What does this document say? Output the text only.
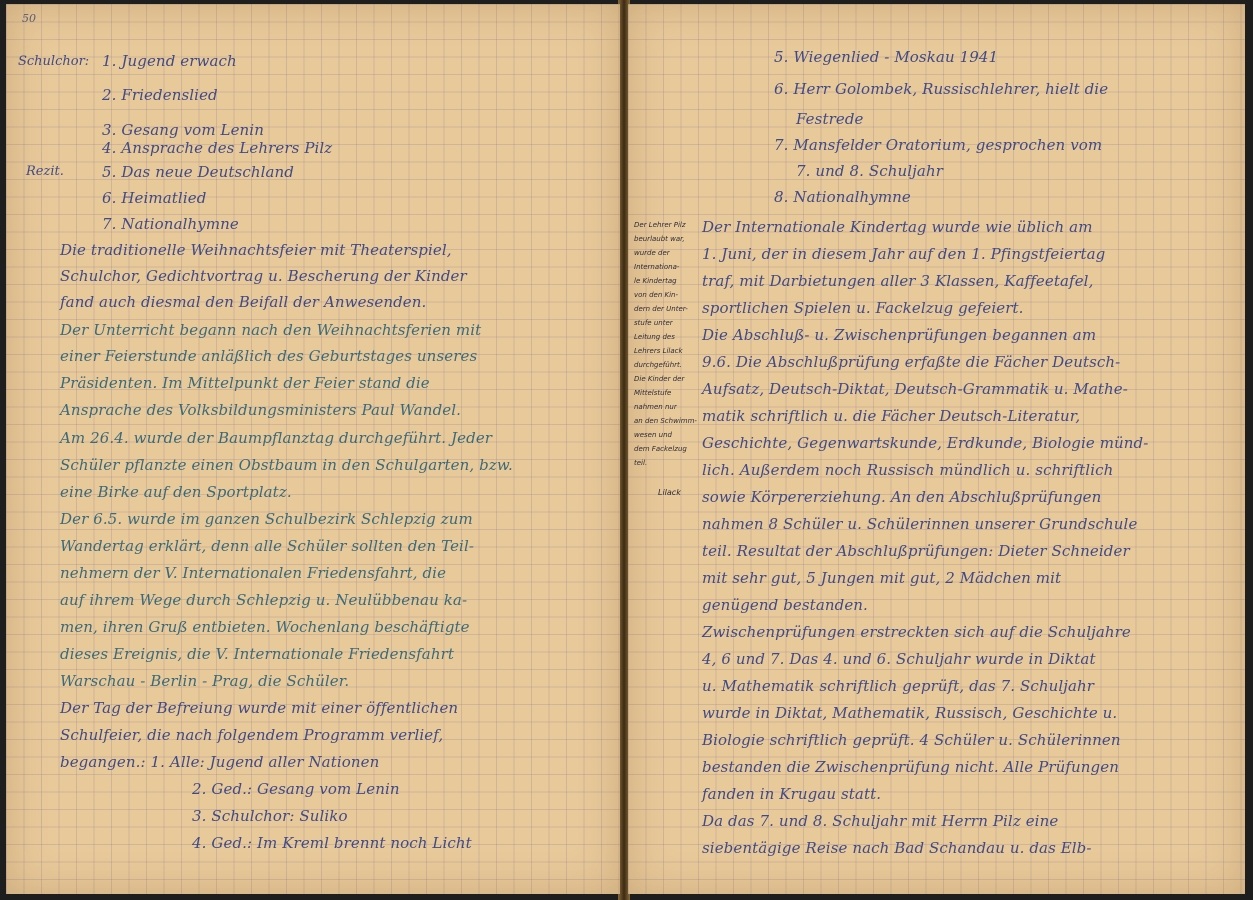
50
Schulchor:
Rezit.
1. Jugend erwach
2. Friedenslied
3. Gesang vom Lenin
4. Ansprache des Lehrers Pilz
5. Das neue Deutschland
6. Heimatlied
7. Nationalhymne
Die traditionelle Weihnachtsfeier mit Theaterspiel,
Schulchor, Gedichtvortrag u. Bescherung der Kinder
fand auch diesmal den Beifall der Anwesenden.
Der Unterricht begann nach den Weihnachtsferien mit
einer Feierstunde anläßlich des Geburtstages unseres
Präsidenten. Im Mittelpunkt der Feier stand die
Ansprache des Volksbildungsministers Paul Wandel.
Am 26.4. wurde der Baumpflanztag durchgeführt. Jeder
Schüler pflanzte einen Obstbaum in den Schulgarten, bzw.
eine Birke auf den Sportplatz.
Der 6.5. wurde im ganzen Schulbezirk Schlepzig zum
Wandertag erklärt, denn alle Schüler sollten den Teil-
nehmern der V. Internationalen Friedensfahrt, die
auf ihrem Wege durch Schlepzig u. Neulübbenau ka-
men, ihren Gruß entbieten. Wochenlang beschäftigte
dieses Ereignis, die V. Internationale Friedensfahrt
Warschau - Berlin - Prag, die Schüler.
Der Tag der Befreiung wurde mit einer öffentlichen
Schulfeier, die nach folgendem Programm verlief,
begangen.: 1. Alle: Jugend aller Nationen
2. Ged.: Gesang vom Lenin
3. Schulchor: Suliko
4. Ged.: Im Kreml brennt noch Licht
5. Wiegenlied - Moskau 1941
6. Herr Golombek, Russischlehrer, hielt die
Festrede
7. Mansfelder Oratorium, gesprochen vom
7. und 8. Schuljahr
8. Nationalhymne
Der Lehrer Pilz
beurlaubt war,
wurde der
Internationa-
le Kindertag
von den Kin-
dern der Unter-
stufe unter
Leitung des
Lehrers Lilack
durchgeführt.
Die Kinder der
Mittelstufe
nahmen nur
an den Schwimm-
wesen und
dem Fackelzug
teil.
Lilack
Der Internationale Kindertag wurde wie üblich am
1. Juni, der in diesem Jahr auf den 1. Pfingstfeiertag
traf, mit Darbietungen aller 3 Klassen, Kaffeetafel,
sportlichen Spielen u. Fackelzug gefeiert.
Die Abschluß- u. Zwischenprüfungen begannen am
9.6. Die Abschlußprüfung erfaßte die Fächer Deutsch-
Aufsatz, Deutsch-Diktat, Deutsch-Grammatik u. Mathe-
matik schriftlich u. die Fächer Deutsch-Literatur,
Geschichte, Gegenwartskunde, Erdkunde, Biologie münd-
lich. Außerdem noch Russisch mündlich u. schriftlich
sowie Körpererziehung. An den Abschlußprüfungen
nahmen 8 Schüler u. Schülerinnen unserer Grundschule
teil. Resultat der Abschlußprüfungen: Dieter Schneider
mit sehr gut, 5 Jungen mit gut, 2 Mädchen mit
genügend bestanden.
Zwischenprüfungen erstreckten sich auf die Schuljahre
4, 6 und 7. Das 4. und 6. Schuljahr wurde in Diktat
u. Mathematik schriftlich geprüft, das 7. Schuljahr
wurde in Diktat, Mathematik, Russisch, Geschichte u.
Biologie schriftlich geprüft. 4 Schüler u. Schülerinnen
bestanden die Zwischenprüfung nicht. Alle Prüfungen
fanden in Krugau statt.
Da das 7. und 8. Schuljahr mit Herrn Pilz eine
siebentägige Reise nach Bad Schandau u. das Elb-
